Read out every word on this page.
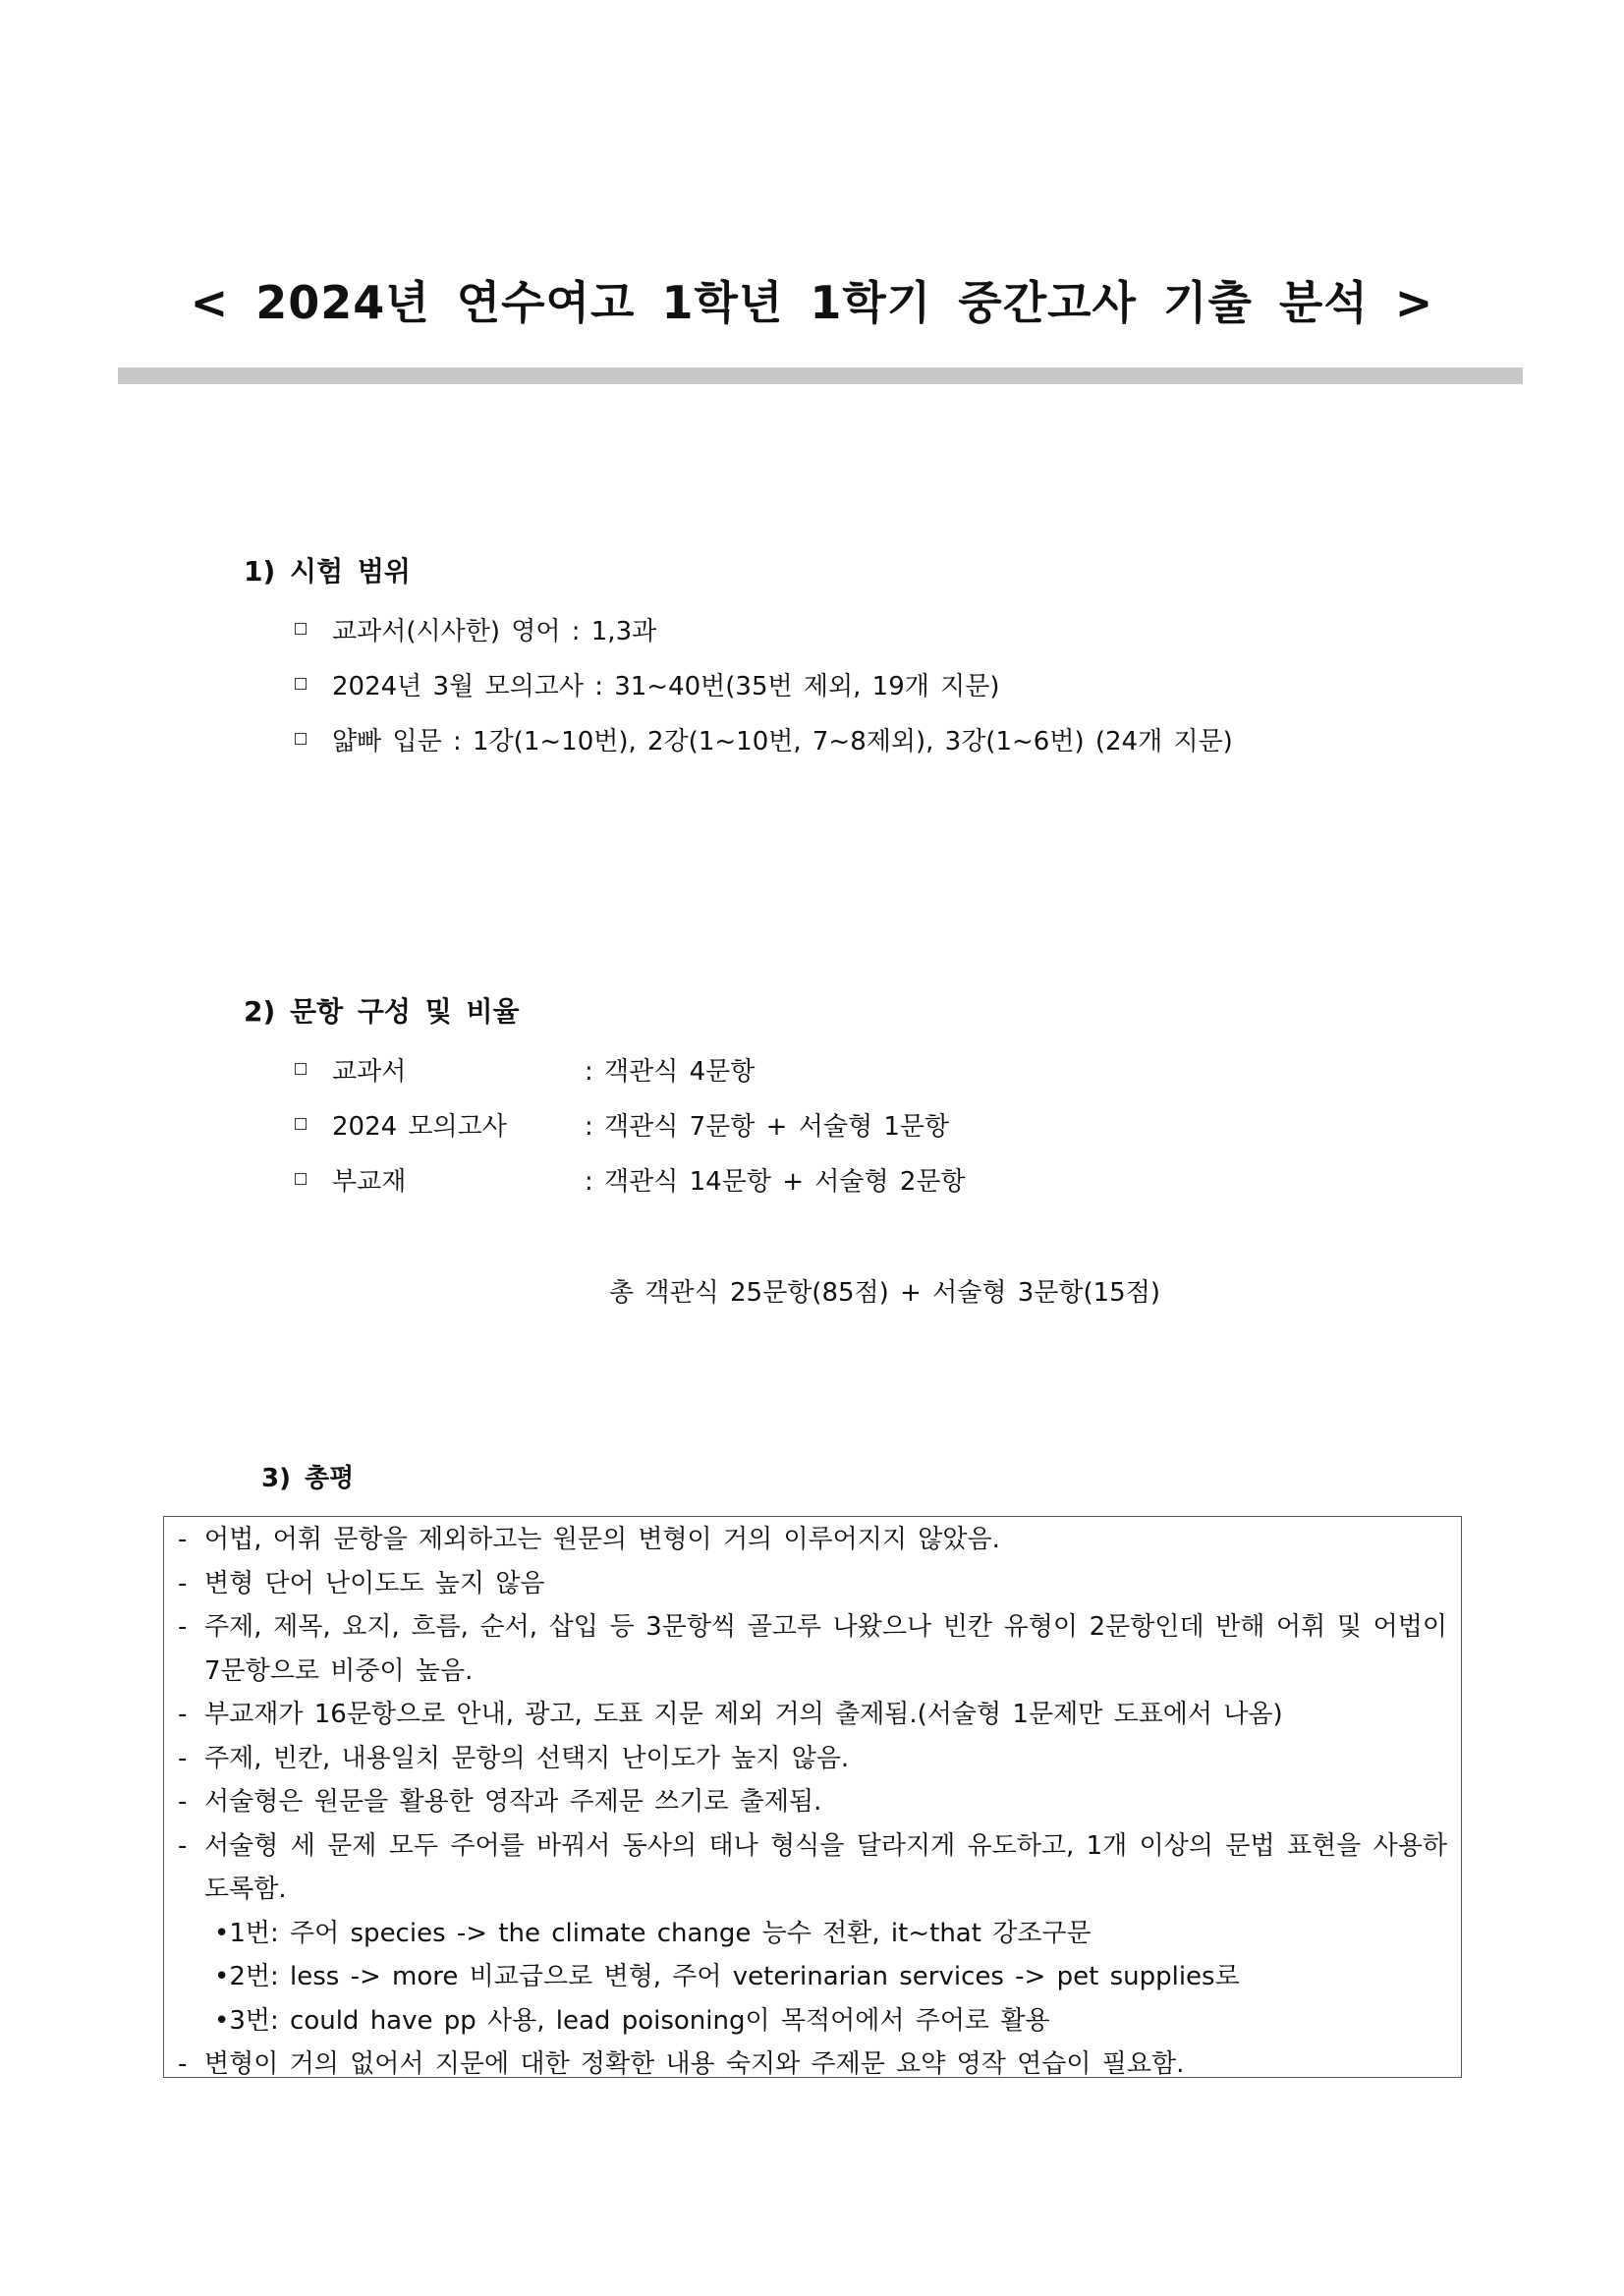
< 2024년 연수여고 1학년 1학기 중간고사 기출 분석 >
1) 시험 범위
교과서(시사한) 영어 : 1,3과
2024년 3월 모의고사 : 31~40번(35번 제외, 19개 지문)
얇빠 입문 : 1강(1~10번), 2강(1~10번, 7~8제외), 3강(1~6번) (24개 지문)
2) 문항 구성 및 비율
교과서	: 객관식 4문항
2024 모의고사	: 객관식 7문항 + 서술형 1문항
부교재	: 객관식 14문항 + 서술형 2문항
총 객관식 25문항(85점) + 서술형 3문항(15점)
3) 총평
- 어법, 어휘 문항을 제외하고는 원문의 변형이 거의 이루어지지 않았음.
- 변형 단어 난이도도 높지 않음
- 주제, 제목, 요지, 흐름, 순서, 삽입 등 3문항씩 골고루 나왔으나 빈칸 유형이 2문항인데 반해 어휘 및 어법이 7문항으로 비중이 높음.
- 부교재가 16문항으로 안내, 광고, 도표 지문 제외 거의 출제됨.(서술형 1문제만 도표에서 나옴)
- 주제, 빈칸, 내용일치 문항의 선택지 난이도가 높지 않음.
- 서술형은 원문을 활용한 영작과 주제문 쓰기로 출제됨.
- 서술형 세 문제 모두 주어를 바꿔서 동사의 태나 형식을 달라지게 유도하고, 1개 이상의 문법 표현을 사용하도록함.
•1번: 주어 species -> the climate change 능수 전환, it~that 강조구문
•2번: less -> more 비교급으로 변형, 주어 veterinarian services -> pet supplies로
•3번: could have pp 사용, lead poisoning이 목적어에서 주어로 활용
- 변형이 거의 없어서 지문에 대한 정확한 내용 숙지와 주제문 요약 영작 연습이 필요함.
